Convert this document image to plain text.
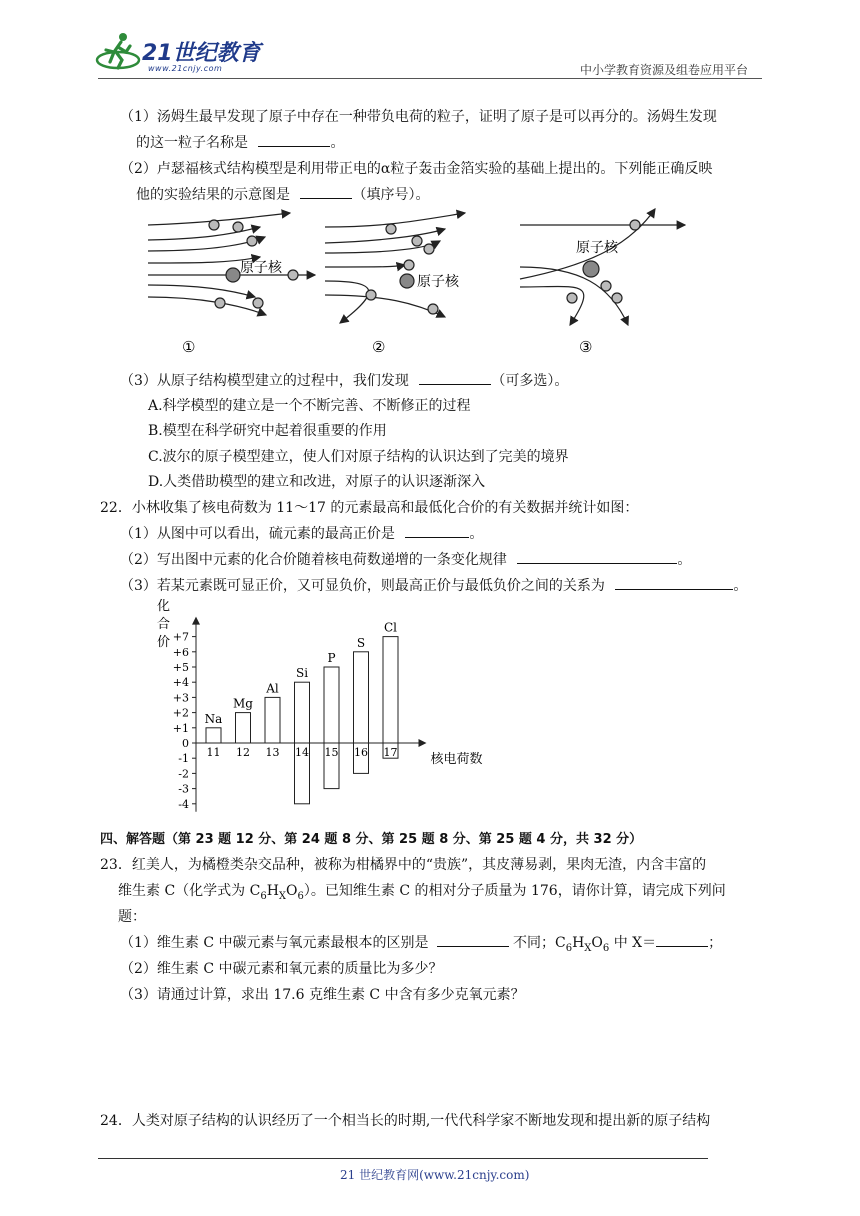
21世纪教育
www.21cnjy.com	中小学教育资源及组卷应用平台
（1）汤姆生最早发现了原子中存在一种带负电荷的粒子，证明了原子是可以再分的。汤姆生发现
的这一粒子名称是	。
（2）卢瑟福核式结构模型是利用带正电的α粒子轰击金箔实验的基础上提出的。下列能正确反映
他的实验结果的示意图是	（填序号）。
原子核
①
原子核
②
原子核
③
（3）从原子结构模型建立的过程中，我们发现	（可多选）。
A.科学模型的建立是一个不断完善、不断修正的过程
B.模型在科学研究中起着很重要的作用
C.波尔的原子模型建立，使人们对原子结构的认识达到了完美的境界
D.人类借助模型的建立和改进，对原子的认识逐渐深入
22．小林收集了核电荷数为 11～17 的元素最高和最低化合价的有关数据并统计如图：
（1）从图中可以看出，硫元素的最高正价是	。
（2）写出图中元素的化合价随着核电荷数递增的一条变化规律	。
（3）若某元素既可显正价，又可显负价，则最高正价与最低负价之间的关系为	。
化
合
价
核电荷数
+7
+6
+5
+4
+3
+2
+1
0
-1
-2
-3
-4
Na
11
Mg
12
Al
13
Si
14
P
15
S
16
Cl
17
四、解答题（第 23 题 12 分、第 24 题 8 分、第 25 题 8 分、第 25 题 4 分，共 32 分）
23．红美人，为橘橙类杂交品种，被称为柑橘界中的“贵族”，其皮薄易剥，果肉无渣，内含丰富的
维生素 C（化学式为 $C_6H_XO_6$）。已知维生素 C 的相对分子质量为 176，请你计算，请完成下列问
题：
（1）维生素 C 中碳元素与氧元素最根本的区别是	不同；$C_6H_XO_6$ 中 X＝	；
（2）维生素 C 中碳元素和氧元素的质量比为多少？
（3）请通过计算，求出 17.6 克维生素 C 中含有多少克氧元素？
24．人类对原子结构的认识经历了一个相当长的时期,一代代科学家不断地发现和提出新的原子结构
21 世纪教育网(www.21cnjy.com)
